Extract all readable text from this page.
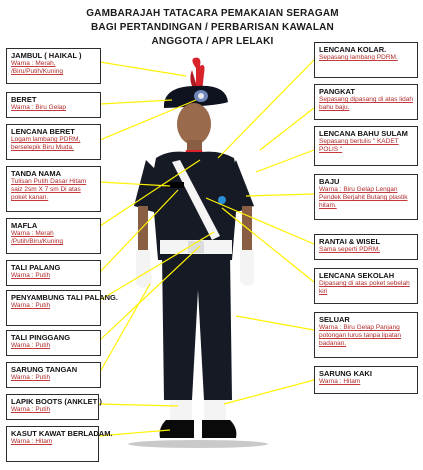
GAMBARAJAH TATACARA PEMAKAIAN SERAGAM
BAGI PERTANDINGAN / PERBARISAN KAWALAN
ANGGOTA / APR LELAKI
JAMBUL ( HAIKAL )
Warna : Merah, /Biru/Putih/Kuning
BERET
Warna : Biru Gelap
LENCANA BERET
Logam lambang PDRM, berselepik Biru Muda.
TANDA NAMA
Tulisan Putih Dasar Hitam saiz 2sm X 7 sm Di atas poket kanan.
MAFLA
Warna : Merah /Putih/Biru/Kuning
TALI PALANG
Warna : Putih
PENYAMBUNG TALI PALANG.
Warna : Putih
TALI PINGGANG
Warna : Putih
SARUNG TANGAN
Warna : Putih
LAPIK BOOTS (ANKLET )
Warna : Putih
KASUT KAWAT BERLADAM.
Warna : Hitam
LENCANA KOLAR.
Sepasang lambang PDRM.
PANGKAT
Sepasang dipasang di atas lidah bahu baju.
LENCANA BAHU SULAM
Sepasang bertulis " KADET POLIS "
BAJU
Warna : Biru Gelap Lengan Pendek Berjahit Butang plastik hitam.
RANTAI & WISEL
Sama seperti PDRM.
LENCANA SEKOLAH
Dipasang di atas poket sebelah kiri
SELUAR
Warna : Biru Gelap Panjang potongan lurus tanpa lipatan badanan.
SARUNG KAKI
Warna : Hitam
